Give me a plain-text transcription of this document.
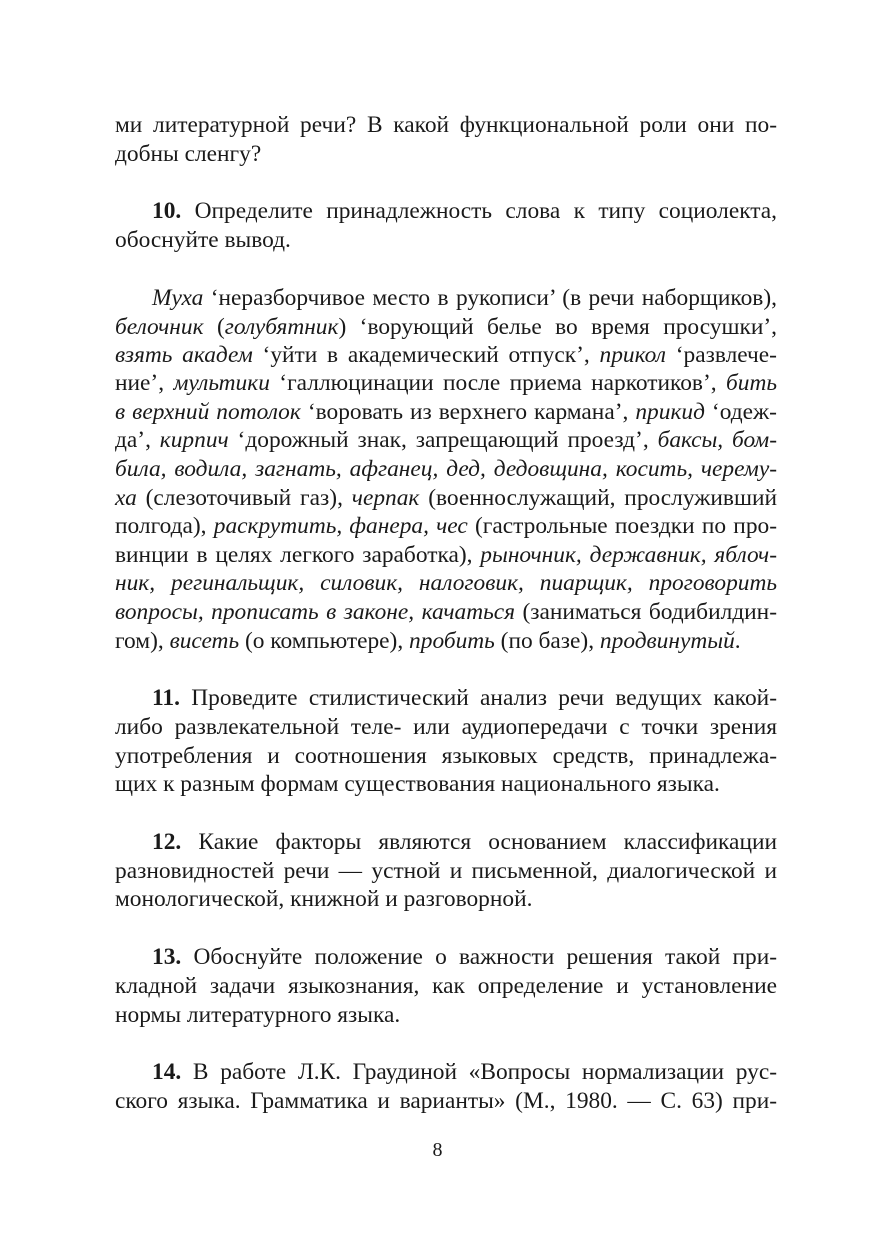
ми литературной речи? В какой функциональной роли они по-
добны сленгу?
10. Определите принадлежность слова к типу социолекта,
обоснуйте вывод.
Муха ‘неразборчивое место в рукописи’ (в речи наборщиков),
белочник (голубятник) ‘ворующий белье во время просушки’,
взять академ ‘уйти в академический отпуск’, прикол ‘развлече-
ние’, мультики ‘галлюцинации после приема наркотиков’, бить
в верхний потолок ‘воровать из верхнего кармана’, прикид ‘одеж-
да’, кирпич ‘дорожный знак, запрещающий проезд’, баксы, бом-
била, водила, загнать, афганец, дед, дедовщина, косить, черему-
ха (слезоточивый газ), черпак (военнослужащий, прослуживший
полгода), раскрутить, фанера, чес (гастрольные поездки по про-
винции в целях легкого заработка), рыночник, державник, яблоч-
ник, регинальщик, силовик, налоговик, пиарщик, проговорить
вопросы, прописать в законе, качаться (заниматься бодибилдин-
гом), висеть (о компьютере), пробить (по базе), продвинутый.
11. Проведите стилистический анализ речи ведущих какой-
либо развлекательной теле- или аудиопередачи с точки зрения
употребления и соотношения языковых средств, принадлежа-
щих к разным формам существования национального языка.
12. Какие факторы являются основанием классификации
разновидностей речи — устной и письменной, диалогической и
монологической, книжной и разговорной.
13. Обоснуйте положение о важности решения такой при-
кладной задачи языкознания, как определение и установление
нормы литературного языка.
14. В работе Л.К. Граудиной «Вопросы нормализации рус-
ского языка. Грамматика и варианты» (М., 1980. — С. 63) при-
8
